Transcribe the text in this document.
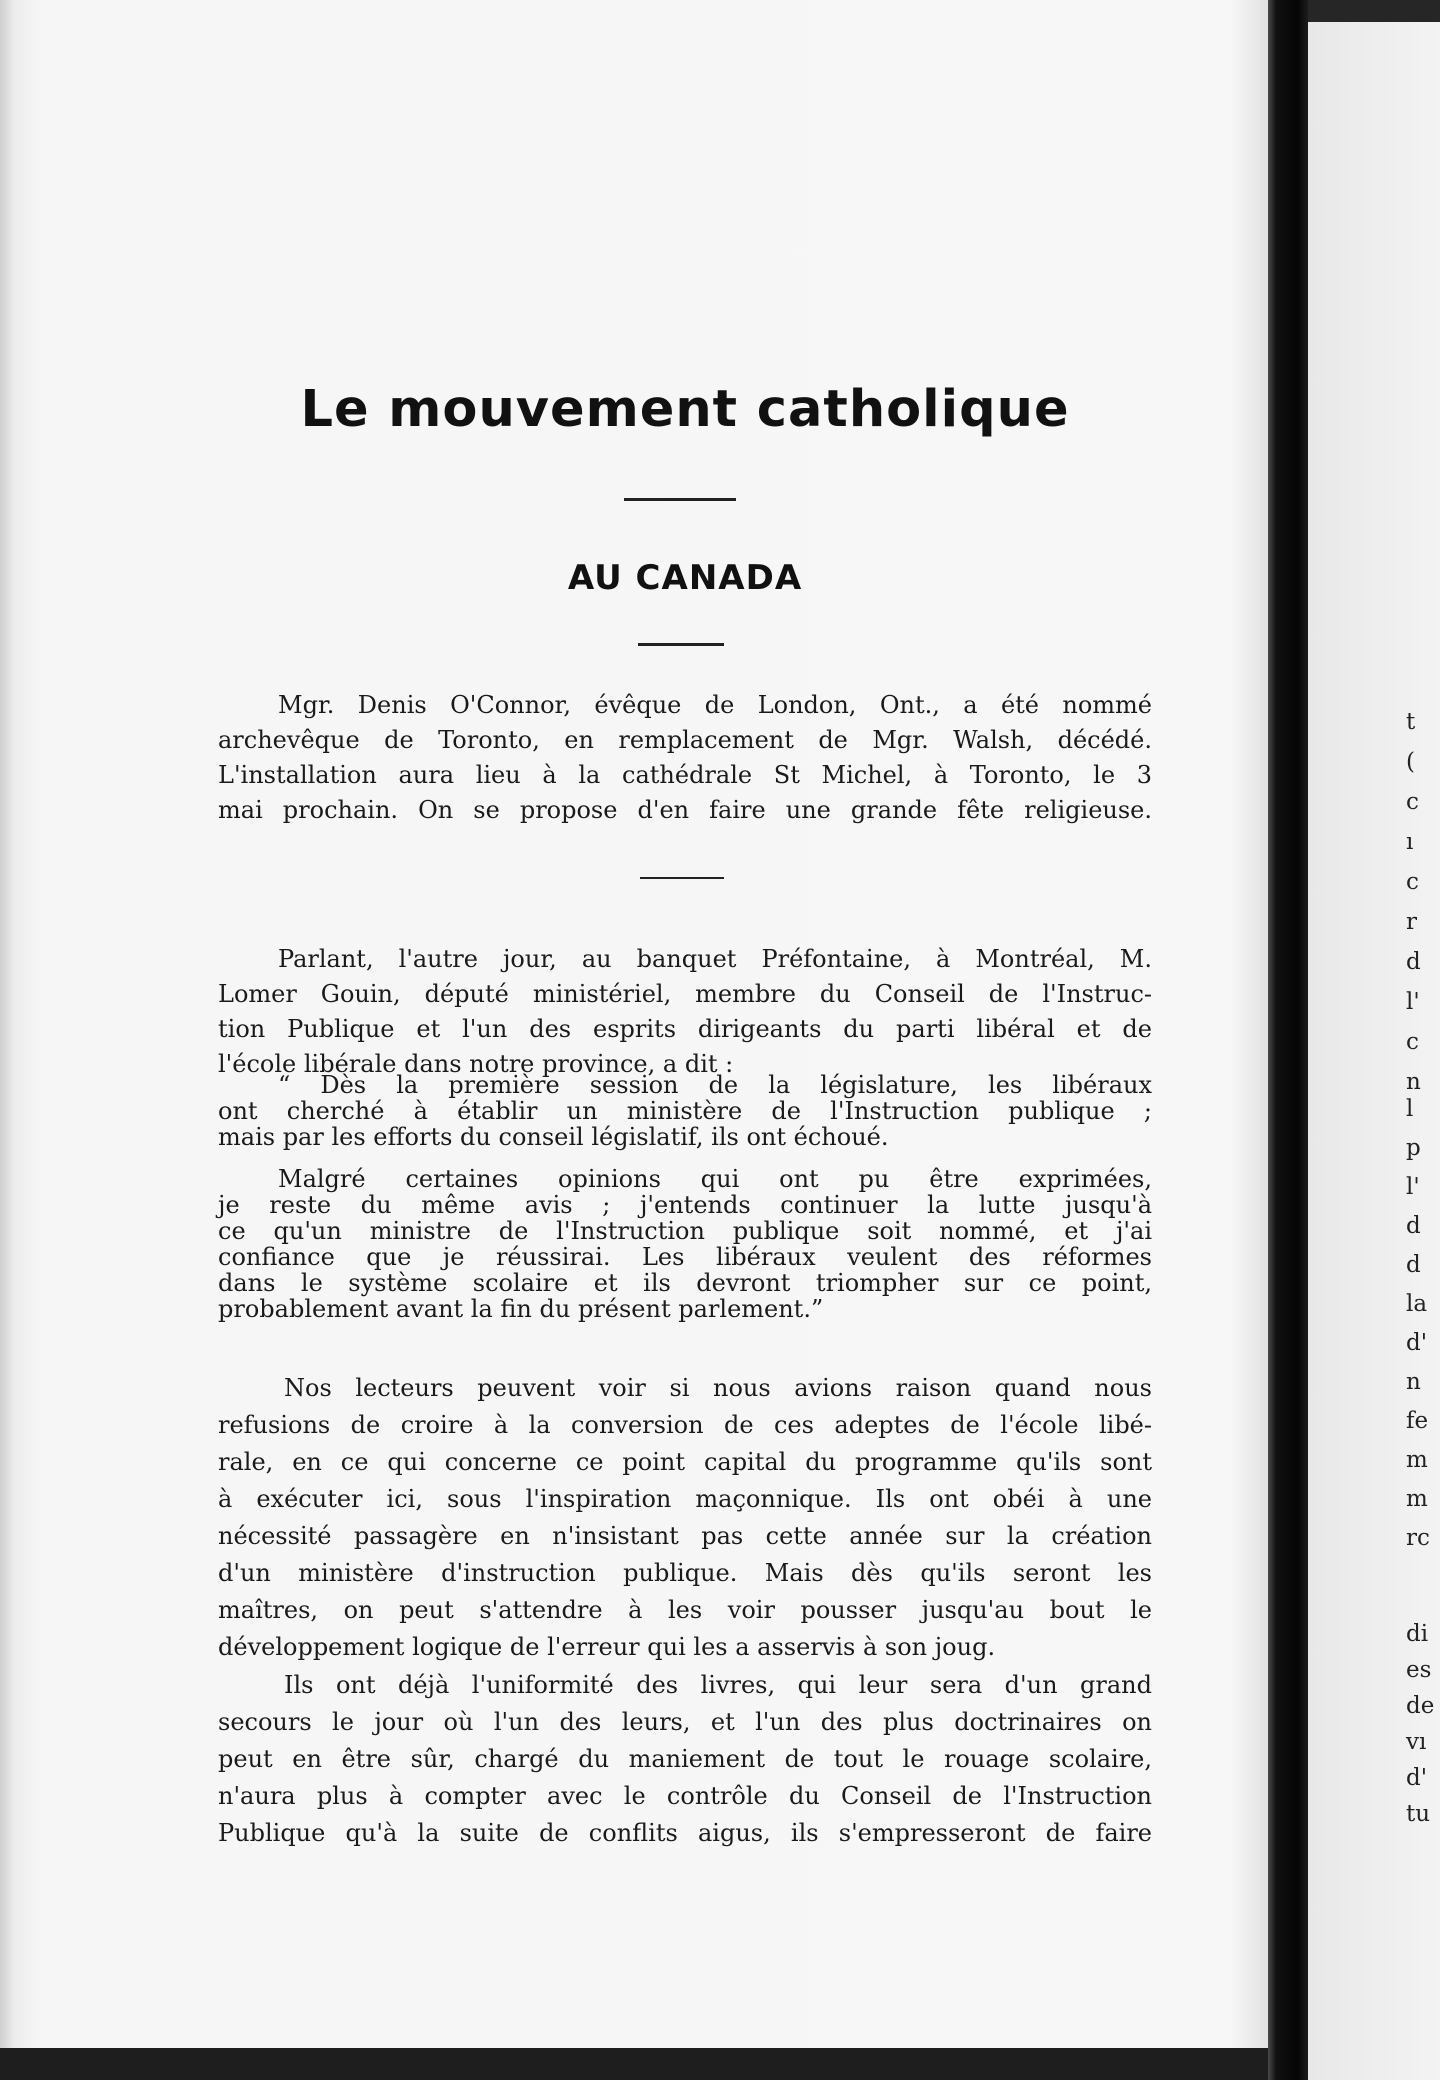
t
(
c
ı
c
r
d
l'
c
n
l
p
l'
d
d
la
d'
n
fe
m
m
rc
di
es
de
vı
d'
tu
Le mouvement catholique
AU CANADA

Mgr. Denis O'Connor, évêque de London, Ont., a été nommé
archevêque de Toronto, en remplacement de Mgr. Walsh, décédé.
L'installation aura lieu à la cathédrale St Michel, à Toronto, le 3
mai prochain. On se propose d'en faire une grande fête religieuse.

Parlant, l'autre jour, au banquet Préfontaine, à Montréal, M.
Lomer Gouin, député ministériel, membre du Conseil de l'Instruc-
tion Publique et l'un des esprits dirigeants du parti libéral et de
l'école libérale dans notre province, a dit :

“ Dès la première session de la législature, les libéraux
ont cherché à établir un ministère de l'Instruction publique ;
mais par les efforts du conseil législatif, ils ont échoué.

Malgré certaines opinions qui ont pu être exprimées,
je reste du même avis ; j'entends continuer la lutte jusqu'à
ce qu'un ministre de l'Instruction publique soit nommé, et j'ai
confiance que je réussirai. Les libéraux veulent des réformes
dans le système scolaire et ils devront triompher sur ce point,
probablement avant la fin du présent parlement.”

Nos lecteurs peuvent voir si nous avions raison quand nous
refusions de croire à la conversion de ces adeptes de l'école libé-
rale, en ce qui concerne ce point capital du programme qu'ils sont
à exécuter ici, sous l'inspiration maçonnique. Ils ont obéi à une
nécessité passagère en n'insistant pas cette année sur la création
d'un ministère d'instruction publique. Mais dès qu'ils seront les
maîtres, on peut s'attendre à les voir pousser jusqu'au bout le
développement logique de l'erreur qui les a asservis à son joug.

Ils ont déjà l'uniformité des livres, qui leur sera d'un grand
secours le jour où l'un des leurs, et l'un des plus doctrinaires on
peut en être sûr, chargé du maniement de tout le rouage scolaire,
n'aura plus à compter avec le contrôle du Conseil de l'Instruction
Publique qu'à la suite de conflits aigus, ils s'empresseront de faire
